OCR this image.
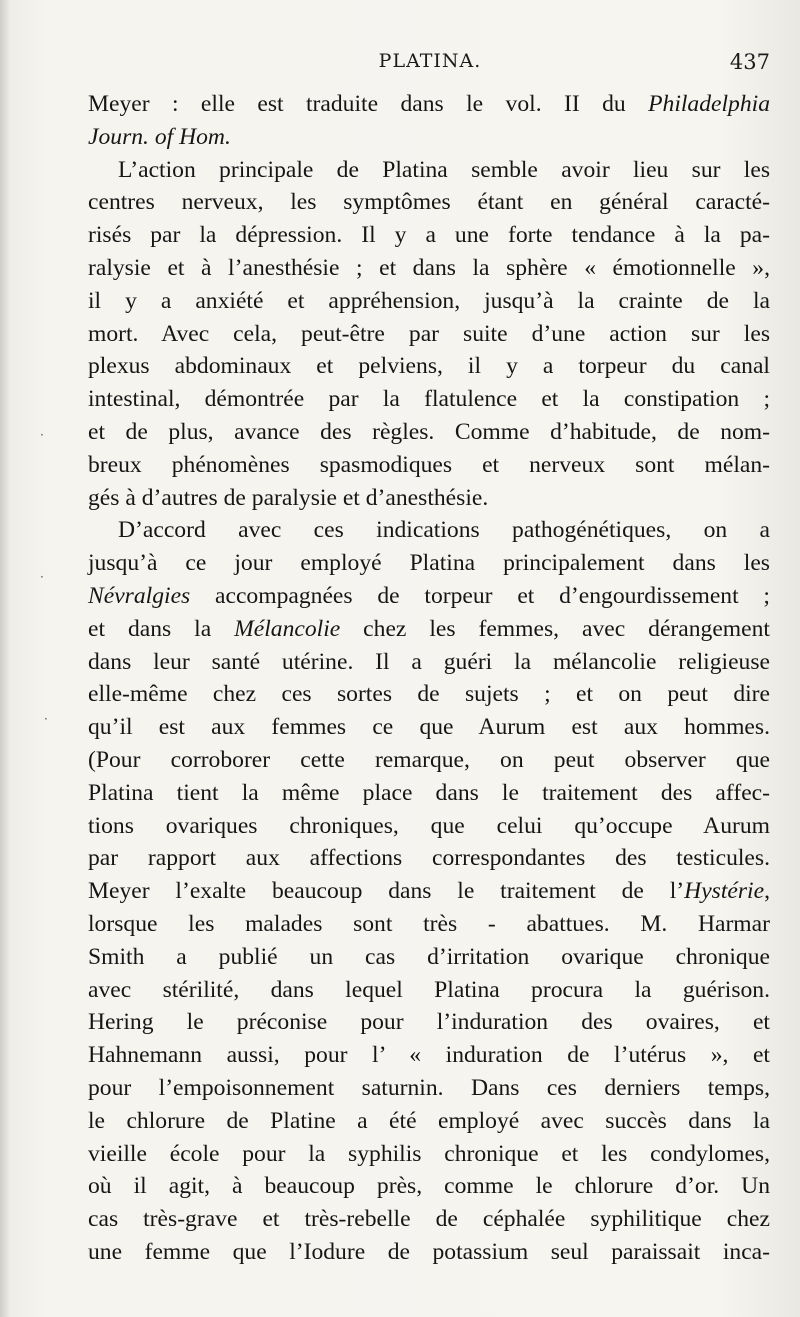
PLATINA.	437
Meyer : elle est traduite dans le vol. II du Philadelphia
Journ. of Hom.
L’action principale de Platina semble avoir lieu sur les
centres nerveux, les symptômes étant en général caracté-
risés par la dépression. Il y a une forte tendance à la pa-
ralysie et à l’anesthésie ; et dans la sphère « émotionnelle »,
il y a anxiété et appréhension, jusqu’à la crainte de la
mort. Avec cela, peut-être par suite d’une action sur les
plexus abdominaux et pelviens, il y a torpeur du canal
intestinal, démontrée par la flatulence et la constipation ;
et de plus, avance des règles. Comme d’habitude, de nom-
breux phénomènes spasmodiques et nerveux sont mélan-
gés à d’autres de paralysie et d’anesthésie.
D’accord avec ces indications pathogénétiques, on a
jusqu’à ce jour employé Platina principalement dans les
Névralgies accompagnées de torpeur et d’engourdissement ;
et dans la Mélancolie chez les femmes, avec dérangement
dans leur santé utérine. Il a guéri la mélancolie religieuse
elle-même chez ces sortes de sujets ; et on peut dire
qu’il est aux femmes ce que Aurum est aux hommes.
(Pour corroborer cette remarque, on peut observer que
Platina tient la même place dans le traitement des affec-
tions ovariques chroniques, que celui qu’occupe Aurum
par rapport aux affections correspondantes des testicules.
Meyer l’exalte beaucoup dans le traitement de l’Hystérie,
lorsque les malades sont très - abattues. M. Harmar
Smith a publié un cas d’irritation ovarique chronique
avec stérilité, dans lequel Platina procura la guérison.
Hering le préconise pour l’induration des ovaires, et
Hahnemann aussi, pour l’ « induration de l’utérus », et
pour l’empoisonnement saturnin. Dans ces derniers temps,
le chlorure de Platine a été employé avec succès dans la
vieille école pour la syphilis chronique et les condylomes,
où il agit, à beaucoup près, comme le chlorure d’or. Un
cas très-grave et très-rebelle de céphalée syphilitique chez
une femme que l’Iodure de potassium seul paraissait inca-
·
·
·
